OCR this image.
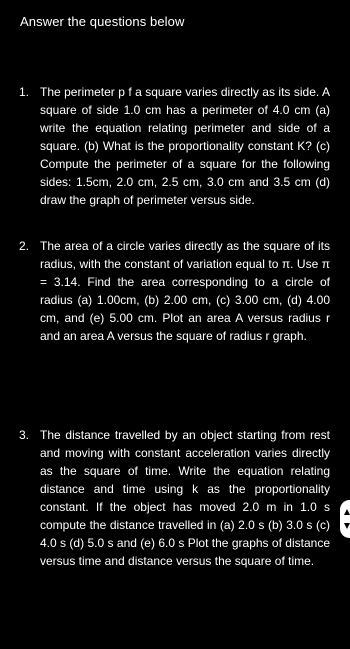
Answer the questions below
1. The perimeter p f a square varies directly as its side. A square of side 1.0 cm has a perimeter of 4.0 cm (a) write the equation relating perimeter and side of a square. (b) What is the proportionality constant K? (c) Compute the perimeter of a square for the following sides: 1.5cm, 2.0 cm, 2.5 cm, 3.0 cm and 3.5 cm (d) draw the graph of perimeter versus side.
2. The area of a circle varies directly as the square of its radius, with the constant of variation equal to π. Use π = 3.14. Find the area corresponding to a circle of radius (a) 1.00cm, (b) 2.00 cm, (c) 3.00 cm, (d) 4.00 cm, and (e) 5.00 cm. Plot an area A versus radius r and an area A versus the square of radius r graph.
3. The distance travelled by an object starting from rest and moving with constant acceleration varies directly as the square of time. Write the equation relating distance and time using k as the proportionality constant. If the object has moved 2.0 m in 1.0 s compute the distance travelled in (a) 2.0 s (b) 3.0 s (c) 4.0 s (d) 5.0 s and (e) 6.0 s Plot the graphs of distance versus time and distance versus the square of time.
